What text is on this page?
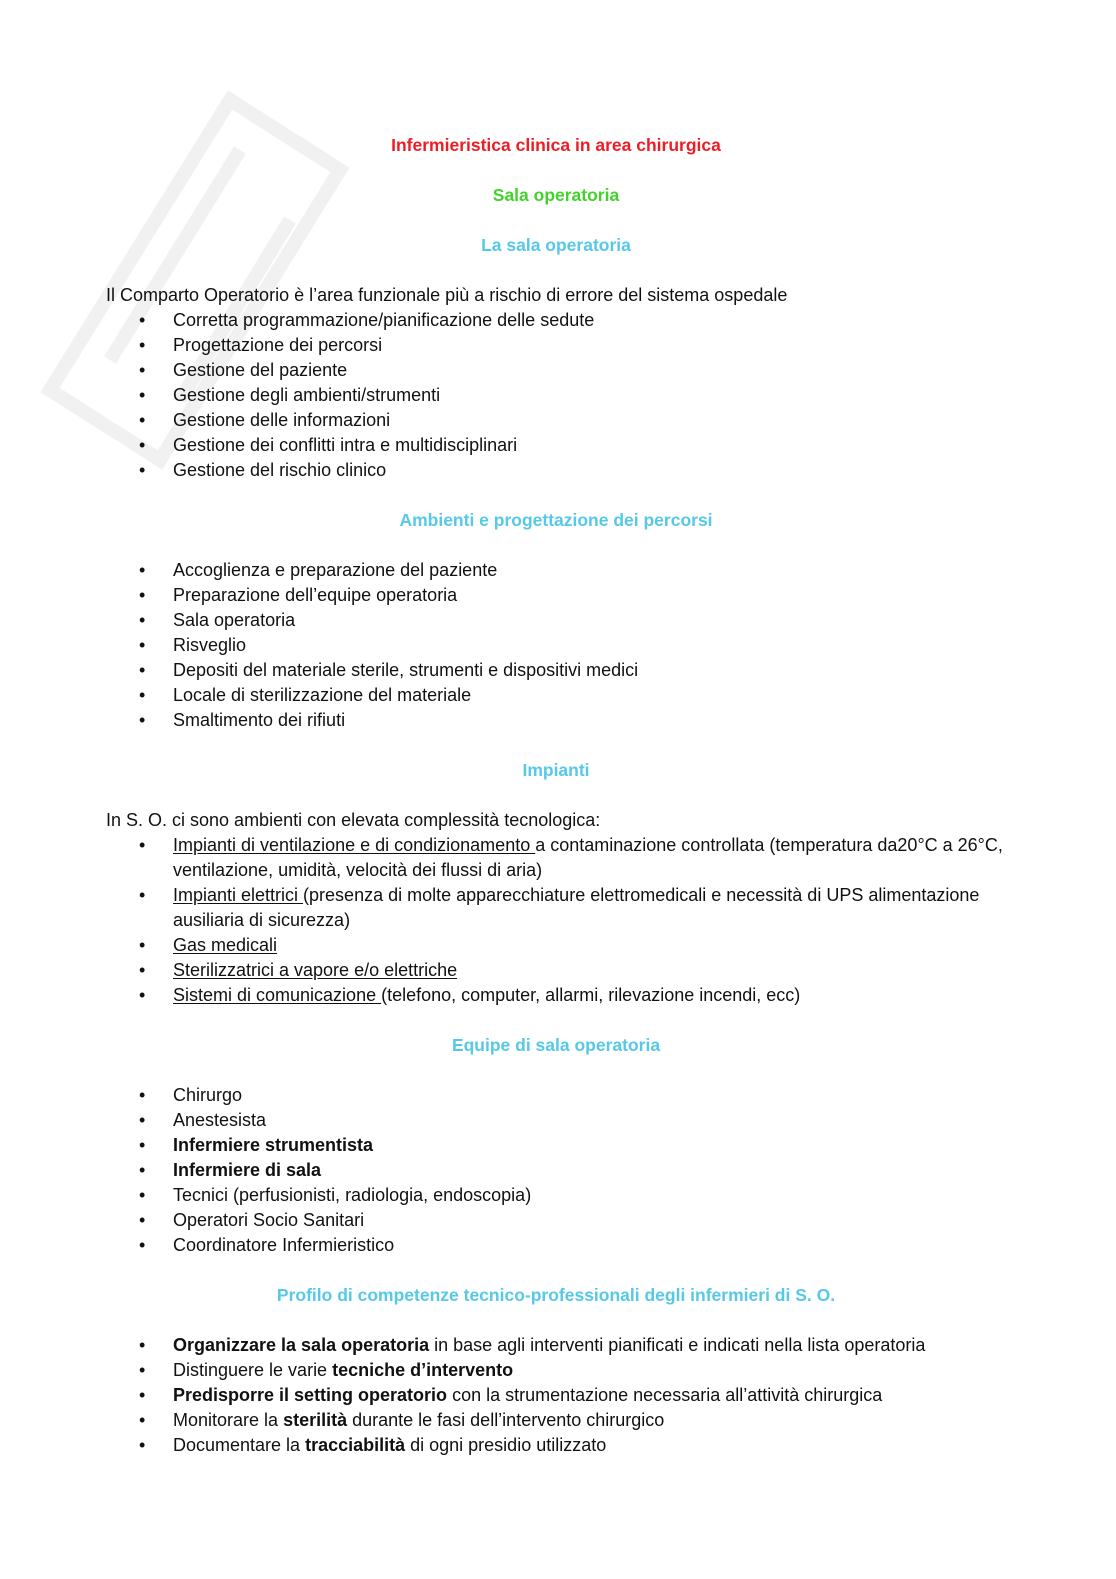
Infermieristica clinica in area chirurgica

Sala operatoria

La sala operatoria

Il Comparto Operatorio è l’area funzionale più a rischio di errore del sistema ospedale

• Corretta programmazione/pianificazione delle sedute
• Progettazione dei percorsi
• Gestione del paziente
• Gestione degli ambienti/strumenti
• Gestione delle informazioni
• Gestione dei conflitti intra e multidisciplinari
• Gestione del rischio clinico

Ambienti e progettazione dei percorsi

• Accoglienza e preparazione del paziente
• Preparazione dell’equipe operatoria
• Sala operatoria
• Risveglio
• Depositi del materiale sterile, strumenti e dispositivi medici
• Locale di sterilizzazione del materiale
• Smaltimento dei rifiuti

Impianti

In S. O. ci sono ambienti con elevata complessità tecnologica:

• Impianti di ventilazione e di condizionamento a contaminazione controllata (temperatura da20°C a 26°C, ventilazione, umidità, velocità dei flussi di aria)
• Impianti elettrici (presenza di molte apparecchiature elettromedicali e necessità di UPS alimentazione ausiliaria di sicurezza)
• Gas medicali
• Sterilizzatrici a vapore e/o elettriche
• Sistemi di comunicazione (telefono, computer, allarmi, rilevazione incendi, ecc)

Equipe di sala operatoria

• Chirurgo
• Anestesista
• Infermiere strumentista
• Infermiere di sala
• Tecnici (perfusionisti, radiologia, endoscopia)
• Operatori Socio Sanitari
• Coordinatore Infermieristico

Profilo di competenze tecnico-professionali degli infermieri di S. O.

• Organizzare la sala operatoria in base agli interventi pianificati e indicati nella lista operatoria
• Distinguere le varie tecniche d’intervento
• Predisporre il setting operatorio con la strumentazione necessaria all’attività chirurgica
• Monitorare la sterilità durante le fasi dell’intervento chirurgico
• Documentare la tracciabilità di ogni presidio utilizzato
